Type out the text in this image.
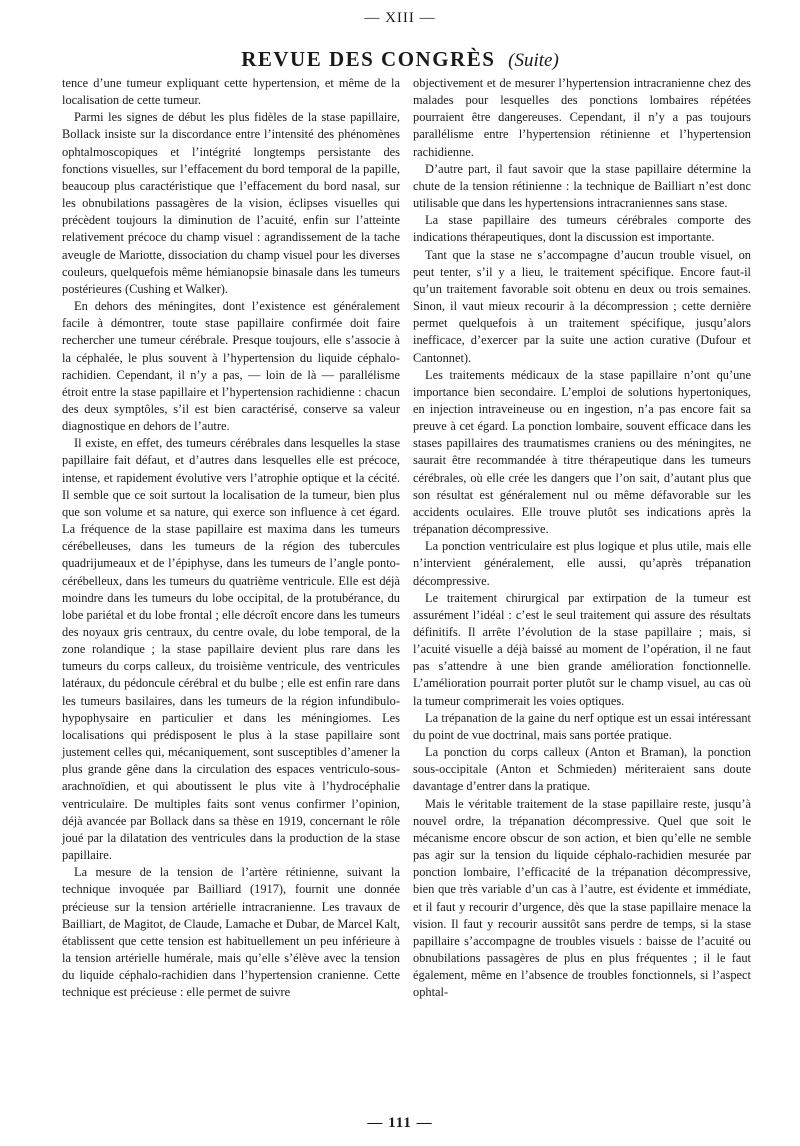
— XIII —
REVUE DES CONGRÈS (Suite)

tence d’une tumeur expliquant cette hypertension, et même de la localisation de cette tumeur.

Parmi les signes de début les plus fidèles de la stase papillaire, Bollack insiste sur la discordance entre l’intensité des phénomènes ophtalmoscopiques et l’intégrité longtemps persistante des fonctions visuelles, sur l’effacement du bord temporal de la papille, beaucoup plus caractéristique que l’effacement du bord nasal, sur les obnubilations passagères de la vision, éclipses visuelles qui précèdent toujours la diminution de l’acuité, enfin sur l’atteinte relativement précoce du champ visuel : agrandissement de la tache aveugle de Mariotte, dissociation du champ visuel pour les diverses couleurs, quelquefois même hémianopsie binasale dans les tumeurs postérieures (Cushing et Walker).

En dehors des méningites, dont l’existence est généralement facile à démontrer, toute stase papillaire confirmée doit faire rechercher une tumeur cérébrale. Presque toujours, elle s’associe à la céphalée, le plus souvent à l’hypertension du liquide céphalo-rachidien. Cependant, il n’y a pas, — loin de là — parallélisme étroit entre la stase papillaire et l’hypertension rachidienne : chacun des deux symptôles, s’il est bien caractérisé, conserve sa valeur diagnostique en dehors de l’autre.

Il existe, en effet, des tumeurs cérébrales dans lesquelles la stase papillaire fait défaut, et d’autres dans lesquelles elle est précoce, intense, et rapidement évolutive vers l’atrophie optique et la cécité. Il semble que ce soit surtout la localisation de la tumeur, bien plus que son volume et sa nature, qui exerce son influence à cet égard. La fréquence de la stase papillaire est maxima dans les tumeurs cérébelleuses, dans les tumeurs de la région des tubercules quadrijumeaux et de l’épiphyse, dans les tumeurs de l’angle ponto-cérébelleux, dans les tumeurs du quatrième ventricule. Elle est déjà moindre dans les tumeurs du lobe occipital, de la protubérance, du lobe pariétal et du lobe frontal ; elle décroît encore dans les tumeurs des noyaux gris centraux, du centre ovale, du lobe temporal, de la zone rolandique ; la stase papillaire devient plus rare dans les tumeurs du corps calleux, du troisième ventricule, des ventricules latéraux, du pédoncule cérébral et du bulbe ; elle est enfin rare dans les tumeurs basilaires, dans les tumeurs de la région infundibulo-hypophysaire en particulier et dans les méningiomes. Les localisations qui prédisposent le plus à la stase papillaire sont justement celles qui, mécaniquement, sont susceptibles d’amener la plus grande gêne dans la circulation des espaces ventriculo-sous-arachnoïdien, et qui aboutissent le plus vite à l’hydrocéphalie ventriculaire. De multiples faits sont venus confirmer l’opinion, déjà avancée par Bollack dans sa thèse en 1919, concernant le rôle joué par la dilatation des ventricules dans la production de la stase papillaire.

La mesure de la tension de l’artère rétinienne, suivant la technique invoquée par Bailliard (1917), fournit une donnée précieuse sur la tension artérielle intracranienne. Les travaux de Bailliart, de Magitot, de Claude, Lamache et Dubar, de Marcel Kalt, établissent que cette tension est habituellement un peu inférieure à la tension artérielle humérale, mais qu’elle s’élève avec la tension du liquide céphalo-rachidien dans l’hypertension cranienne. Cette technique est précieuse : elle permet de suivre

objectivement et de mesurer l’hypertension intracranienne chez des malades pour lesquelles des ponctions lombaires répétées pourraient être dangereuses. Cependant, il n’y a pas toujours parallélisme entre l’hypertension rétinienne et l’hypertension rachidienne.

D’autre part, il faut savoir que la stase papillaire détermine la chute de la tension rétinienne : la technique de Bailliart n’est donc utilisable que dans les hypertensions intracraniennes sans stase.

La stase papillaire des tumeurs cérébrales comporte des indications thérapeutiques, dont la discussion est importante.

Tant que la stase ne s’accompagne d’aucun trouble visuel, on peut tenter, s’il y a lieu, le traitement spécifique. Encore faut-il qu’un traitement favorable soit obtenu en deux ou trois semaines. Sinon, il vaut mieux recourir à la décompression ; cette dernière permet quelquefois à un traitement spécifique, jusqu’alors inefficace, d’exercer par la suite une action curative (Dufour et Cantonnet).

Les traitements médicaux de la stase papillaire n’ont qu’une importance bien secondaire. L’emploi de solutions hypertoniques, en injection intraveineuse ou en ingestion, n’a pas encore fait sa preuve à cet égard. La ponction lombaire, souvent efficace dans les stases papillaires des traumatismes craniens ou des méningites, ne saurait être recommandée à titre thérapeutique dans les tumeurs cérébrales, où elle crée les dangers que l’on sait, d’autant plus que son résultat est généralement nul ou même défavorable sur les accidents oculaires. Elle trouve plutôt ses indications après la trépanation décompressive.

La ponction ventriculaire est plus logique et plus utile, mais elle n’intervient généralement, elle aussi, qu’après trépanation décompressive.

Le traitement chirurgical par extirpation de la tumeur est assurément l’idéal : c’est le seul traitement qui assure des résultats définitifs. Il arrête l’évolution de la stase papillaire ; mais, si l’acuité visuelle a déjà baissé au moment de l’opération, il ne faut pas s’attendre à une bien grande amélioration fonctionnelle. L’amélioration pourrait porter plutôt sur le champ visuel, au cas où la tumeur comprimerait les voies optiques.

La trépanation de la gaine du nerf optique est un essai intéressant du point de vue doctrinal, mais sans portée pratique.

La ponction du corps calleux (Anton et Braman), la ponction sous-occipitale (Anton et Schmieden) mériteraient sans doute davantage d’entrer dans la pratique.

Mais le véritable traitement de la stase papillaire reste, jusqu’à nouvel ordre, la trépanation décompressive. Quel que soit le mécanisme encore obscur de son action, et bien qu’elle ne semble pas agir sur la tension du liquide céphalo-rachidien mesurée par ponction lombaire, l’efficacité de la trépanation décompressive, bien que très variable d’un cas à l’autre, est évidente et immédiate, et il faut y recourir d’urgence, dès que la stase papillaire menace la vision. Il faut y recourir aussitôt sans perdre de temps, si la stase papillaire s’accompagne de troubles visuels : baisse de l’acuité ou obnubilations passagères de plus en plus fréquentes ; il le faut également, même en l’absence de troubles fonctionnels, si l’aspect ophtal-

— 111 —
